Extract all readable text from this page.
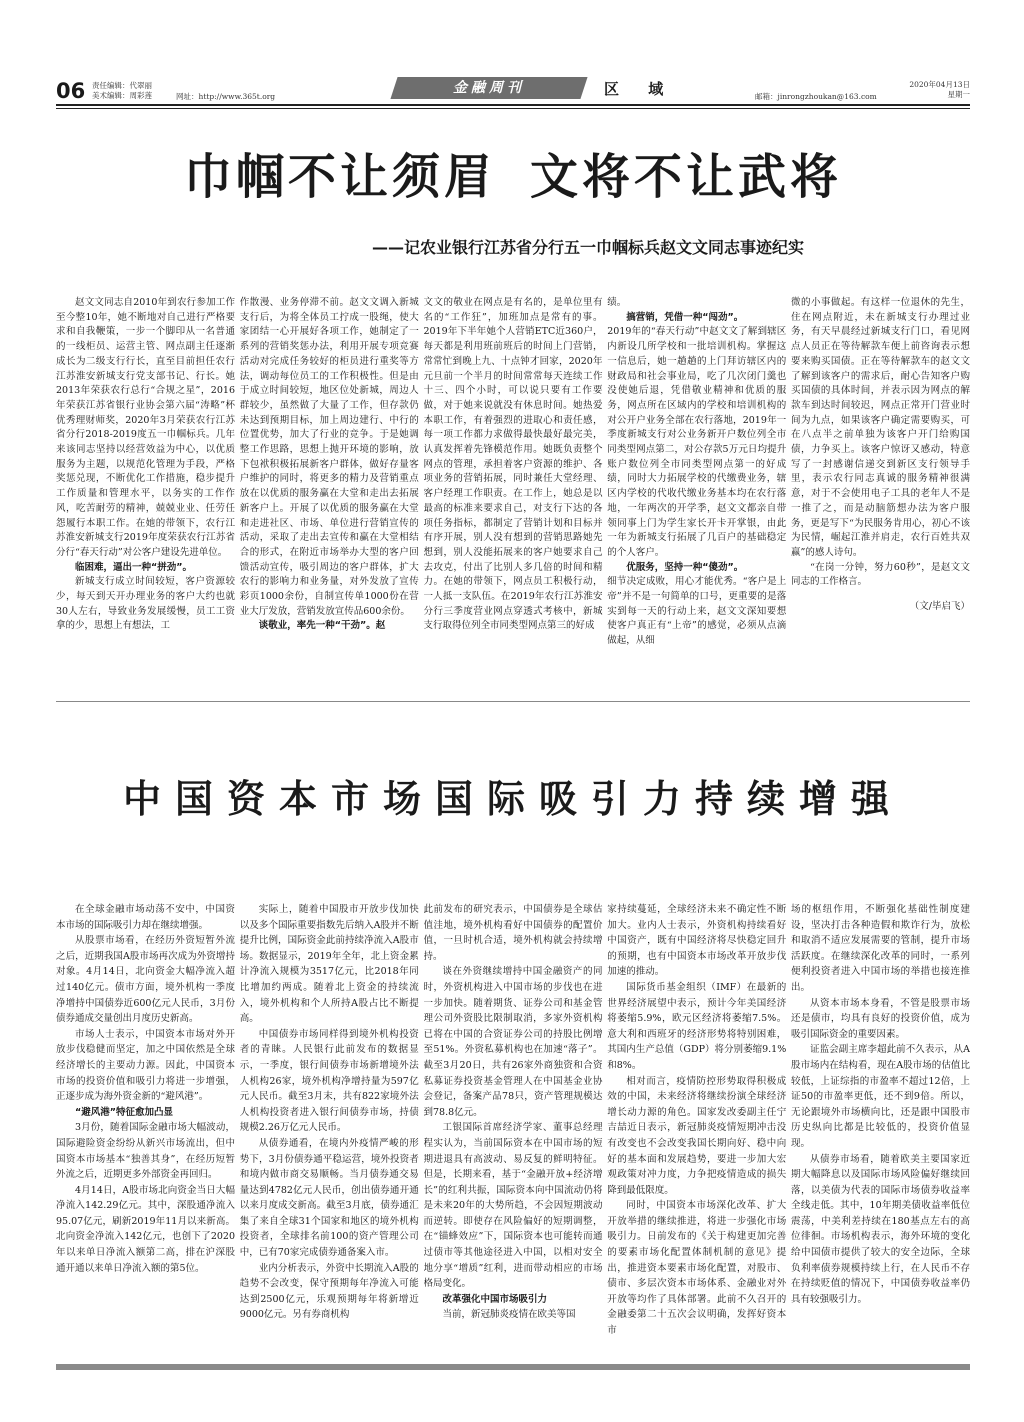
06 责任编辑：代翠丽
美术编辑：周彩莲	网址：http://www.365t.org
金融周刊	区 域	邮箱：jinrongzhoukan@163.com
2020年04月13日
星期一
巾帼不让须眉 文将不让武将
——记农业银行江苏省分行五一巾帼标兵赵文文同志事迹纪实

赵文文同志自2010年到农行参加工作至今整10年，她不断地对自己进行严格要求和自我鞭策，一步一个脚印从一名普通的一线柜员、运营主管、网点副主任逐渐成长为二级支行行长，直至目前担任农行江苏淮安新城支行党支部书记、行长。她2013年荣获农行总行“合规之星”，2016年荣获江苏省银行业协会第六届“涛略”杯优秀理财师奖，2020年3月荣获农行江苏省分行2018-2019度五一巾帼标兵。几年来该同志坚持以经营效益为中心，以优质服务为主题，以规范化管理为手段，严格奖惩兑现，不断优化工作措施，稳步提升工作质量和管理水平，以务实的工作作风，吃苦耐劳的精神，兢兢业业、任劳任怨履行本职工作。在她的带领下，农行江苏淮安新城支行2019年度荣获农行江苏省分行“春天行动”对公客户建设先进单位。

临困难，逼出一种“拼劲”。

新城支行成立时间较短，客户资源较少，每天到天开办理业务的客户大约也就30人左右，导致业务发展缓慢，员工工资拿的少，思想上有想法，工

作散漫、业务停滞不前。赵文文调入新城支行后，为将全体员工拧成一股绳，使大家团结一心开展好各项工作，她制定了一系列的营销奖惩办法，利用开展专项竞赛活动对完成任务较好的柜员进行重奖等方法，调动每位员工的工作积极性。但是由于成立时间较短，地区位处新城，周边人群较少，虽然做了大量了工作，但存款仍未达到预期目标，加上周边建行、中行的位置优势，加大了行业的竞争。于是她调整工作思路，思想上抛开环境的影响，放下包袱积极拓展新客户群体，做好存量客户维护的同时，将更多的精力及营销重点放在以优质的服务赢在大堂和走出去拓展新客户上。开展了以优质的服务赢在大堂和走进社区、市场、单位进行营销宣传的活动，采取了走出去宣传和赢在大堂相结合的形式，在附近市场举办大型的客户回馈活动宣传，吸引周边的客户群体，扩大农行的影响力和业务量，对外发放了宣传彩页1000余份，自制宣传单1000份在营业大厅发放，营销发放宣传品600余份。

谈敬业，率先一种“干劲”。赵

文文的敬业在网点是有名的，是单位里有名的“工作狂”，加班加点是常有的事。2019年下半年她个人营销ETC近360户，每天都是利用班前班后的时间上门营销，常常忙到晚上九、十点钟才回家，2020年元旦前一个半月的时间常常每天连续工作十三、四个小时，可以说只要有工作要做，对于她来说就没有休息时间。她热爱本职工作，有着强烈的进取心和责任感，每一项工作都力求做得最快最好最完美，认真发挥着先锋模范作用。她既负责整个网点的管理，承担着客户资源的维护、各项业务的营销拓展，同时兼任大堂经理、客户经理工作职责。在工作上，她总是以最高的标准来要求自己，对支行下达的各项任务指标，都制定了营销计划和目标并有序开展，别人没有想到的营销思路她先想到，别人没能拓展来的客户她要求自己去攻克，付出了比别人多几倍的时间和精力。在她的带领下，网点员工积极行动，一人抵一支队伍。在2019年农行江苏淮安分行三季度营业网点穿透式考核中，新城支行取得位列全市同类型网点第三的好成

绩。

搞营销，凭借一种“闯劲”。

2019年的“春天行动”中赵文文了解到辖区内新设几所学校和一批培训机构。掌握这一信息后，她一趟趟的上门拜访辖区内的财政局和社会事业局，吃了几次闭门羹也没使她后退，凭借敬业精神和优质的服务，网点所在区域内的学校和培训机构的对公开户业务全部在农行落地，2019年一季度新城支行对公业务新开户数位列全市同类型网点第二，对公存款5万元日均提升账户数位列全市同类型网点第一的好成绩，同时大力拓展学校的代缴费业务，辖区内学校的代收代缴业务基本均在农行落地，一年两次的开学季，赵文文都亲自带领同事上门为学生家长开卡开掌银，由此一年为新城支行拓展了几百户的基础稳定的个人客户。

优服务，坚持一种“傻劲”。

细节决定成败，用心才能优秀。“客户是上帝”并不是一句简单的口号，更重要的是落实到每一天的行动上来，赵文文深知要想使客户真正有“上帝”的感觉，必须从点滴做起，从细

微的小事做起。有这样一位退休的先生，住在网点附近，未在新城支行办理过业务，有天早晨经过新城支行门口，看见网点人员正在等待解款车便上前咨询表示想要来购买国债。正在等待解款车的赵文文了解到该客户的需求后，耐心告知客户购买国债的具体时间，并表示因为网点的解款车到达时间较迟，网点正常开门营业时间为九点，如果该客户确定需要购买，可在八点半之前单独为该客户开门给购国债，力争买上。该客户惊讶又感动，特意写了一封感谢信递交到新区支行领导手里，表示农行同志真诚的服务精神很满意，对于不会使用电子工具的老年人不是一推了之，而是动脑筋想办法为客户服务，更是写下“为民服务肯用心，初心不该为民情，崛起江淮并肩走，农行百姓共双赢”的感人诗句。

“在岗一分钟，努力60秒”，是赵文文同志的工作格言。

（文/毕启飞）

中国资本市场国际吸引力持续增强

在全球金融市场动荡不安中，中国资本市场的国际吸引力却在继续增强。

从股票市场看，在经历外资短暂外流之后，近期我国A股市场再次成为外资增持对象。4月14日，北向资金大幅净流入超过140亿元。债市方面，境外机构一季度净增持中国债券近600亿元人民币，3月份债券通成交量创出月度历史新高。

市场人士表示，中国资本市场对外开放步伐稳健而坚定，加之中国依然是全球经济增长的主要动力源。因此，中国资本市场的投资价值和吸引力将进一步增强，正逐步成为海外资金新的“避风港”。

“避风港”特征愈加凸显

3月份，随着国际金融市场大幅波动，国际避险资金纷纷从新兴市场流出，但中国资本市场基本“独善其身”，在经历短暂外流之后，近期更多外部资金再回归。

4月14日，A股市场北向资金当日大幅净流入142.29亿元。其中，深股通净流入95.07亿元，刷新2019年11月以来新高。北向资金净流入142亿元，也创下了2020年以来单日净流入额第二高，排在沪深股通开通以来单日净流入额的第5位。

实际上，随着中国股市开放步伐加快以及多个国际重要指数先后纳入A股并不断提升比例，国际资金此前持续净流入A股市场。数据显示，2019年全年，北上资金累计净流入规模为3517亿元，比2018年同比增加约两成。随着北上资金的持续流入，境外机构和个人所持A股占比不断提高。

中国债券市场同样得到境外机构投资者的青睐。人民银行此前发布的数据显示，一季度，银行间债券市场新增境外法人机构26家，境外机构净增持量为597亿元人民币。截至3月末，共有822家境外法人机构投资者进入银行间债券市场，持债规模2.26万亿元人民币。

从债券通看，在境内外疫情严峻的形势下，3月份债券通平稳运营，境外投资者和境内做市商交易顺畅。当月债券通交易量达到4782亿元人民币，创出债券通开通以来月度成交新高。截至3月底，债券通汇集了来自全球31个国家和地区的境外机构投资者，全球排名前100的资产管理公司中，已有70家完成债券通备案入市。

业内分析表示，外资中长期流入A股的趋势不会改变，保守预期每年净流入可能达到2500亿元，乐观预期每年将新增近9000亿元。另有券商机构

此前发布的研究表示，中国债券是全球估值洼地，境外机构看好中国债券的配置价值，一旦时机合适，境外机构就会持续增持。

谈在外资继续增持中国金融资产的同时，外资机构进入中国市场的步伐也在进一步加快。随着期货、证券公司和基金管理公司外资股比限制取消，多家外资机构已将在中国的合资证券公司的持股比例增至51%。外资私募机构也在加速“落子”。截至3月20日，共有26家外商独资和合资私募证券投资基金管理人在中国基金业协会登记，备案产品78只，资产管理规模达到78.8亿元。

工银国际首席经济学家、董事总经理程实认为，当前国际资本在中国市场的短期进退具有高波动、易反复的鲜明特征。但是，长期来看，基于“金融开放+经济增长”的红利共振，国际资本向中国流动仍将是未来20年的大势所趋，不会因短期波动而逆转。即使存在风险偏好的短期调整，在“锚蜂效应”下，国际资本也可能转而通过债市等其他途径进入中国，以相对安全地分享“增质”红利，进而带动相应的市场格局变化。

改革强化中国市场吸引力

当前，新冠肺炎疫情在欧美等国

家持续蔓延，全球经济未来不确定性不断加大。业内人士表示，外资机构持续看好中国资产，既有中国经济将尽快稳定回升的预期，也有中国资本市场改革开放步伐加速的推动。

国际货币基金组织（IMF）在最新的世界经济展望中表示，预计今年美国经济将萎缩5.9%，欧元区经济将萎缩7.5%。意大利和西班牙的经济形势将特别困难，其国内生产总值（GDP）将分别萎缩9.1%和8%。

相对而言，疫情防控形势取得积极成效的中国，未来经济将继续扮演全球经济增长动力源的角色。国家发改委副主任宁吉喆近日表示，新冠肺炎疫情短期冲击没有改变也不会改变我国长期向好、稳中向好的基本面和发展趋势，要进一步加大宏观政策对冲力度，力争把疫情造成的损失降到最低限度。

同时，中国资本市场深化改革、扩大开放举措的继续推进，将进一步强化市场吸引力。日前发布的《关于构建更加完善的要素市场化配置体制机制的意见》提出，推进资本要素市场化配置，对股市、债市、多层次资本市场体系、金融业对外开放等均作了具体部署。此前不久召开的金融委第二十五次会议明确，发挥好资本市

场的枢纽作用，不断强化基础性制度建设，坚决打击各种造假和欺诈行为，放松和取消不适应发展需要的管制，提升市场活跃度。在继续深化改革的同时，一系列便利投资者进入中国市场的举措也接连推出。

从资本市场本身看，不管是股票市场还是债市，均具有良好的投资价值，成为吸引国际资金的重要因素。

证监会副主席李超此前不久表示，从A股市场内在结构看，现在A股市场的估值比较低，上证综指的市盈率不超过12倍，上证50的市盈率更低，还不到9倍。所以，无论跟境外市场横向比，还是跟中国股市历史纵向比都是比较低的，投资价值显现。

从债券市场看，随着欧美主要国家近期大幅降息以及国际市场风险偏好继续回落，以美债为代表的国际市场债券收益率全线走低。其中，10年期美债收益率低位震荡，中美利差持续在180基点左右的高位徘徊。市场机构表示，海外环境的变化给中国债市提供了较大的安全边际，全球负利率债券规模持续上行，在人民币不存在持续贬值的情况下，中国债券收益率仍具有较强吸引力。
